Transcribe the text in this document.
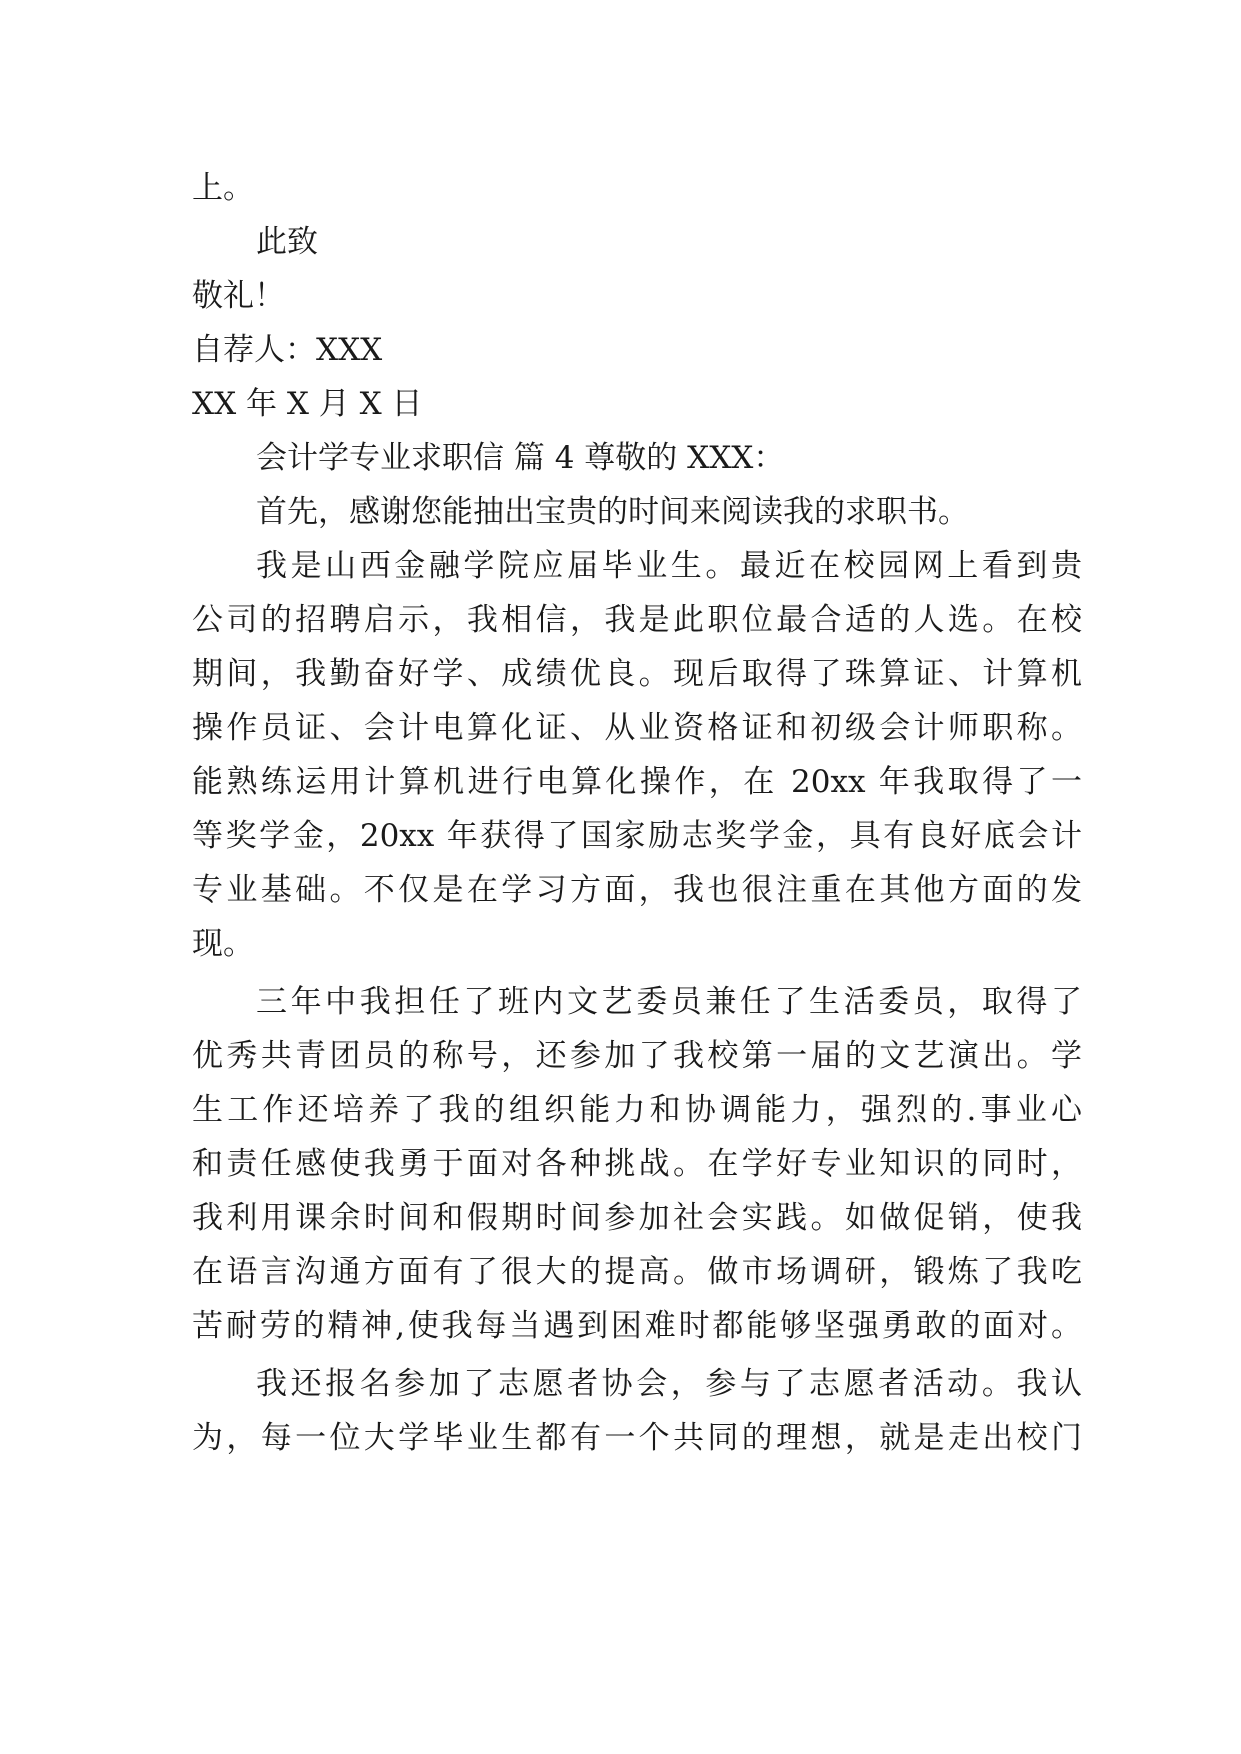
上。
此致
敬礼！
自荐人：XXX
XX 年 X 月 X 日
会计学专业求职信 篇 4 尊敬的 XXX：
首先，感谢您能抽出宝贵的时间来阅读我的求职书。
我是山西金融学院应届毕业生。最近在校园网上看到贵
公司的招聘启示，我相信，我是此职位最合适的人选。在校
期间，我勤奋好学、成绩优良。现后取得了珠算证、计算机
操作员证、会计电算化证、从业资格证和初级会计师职称。
能熟练运用计算机进行电算化操作，在 20xx 年我取得了一
等奖学金，20xx 年获得了国家励志奖学金，具有良好底会计
专业基础。不仅是在学习方面，我也很注重在其他方面的发
现。
三年中我担任了班内文艺委员兼任了生活委员，取得了
优秀共青团员的称号，还参加了我校第一届的文艺演出。学
生工作还培养了我的组织能力和协调能力，强烈的.事业心
和责任感使我勇于面对各种挑战。在学好专业知识的同时，
我利用课余时间和假期时间参加社会实践。如做促销，使我
在语言沟通方面有了很大的提高。做市场调研，锻炼了我吃
苦耐劳的精神,使我每当遇到困难时都能够坚强勇敢的面对。
我还报名参加了志愿者协会，参与了志愿者活动。我认
为，每一位大学毕业生都有一个共同的理想，就是走出校门
